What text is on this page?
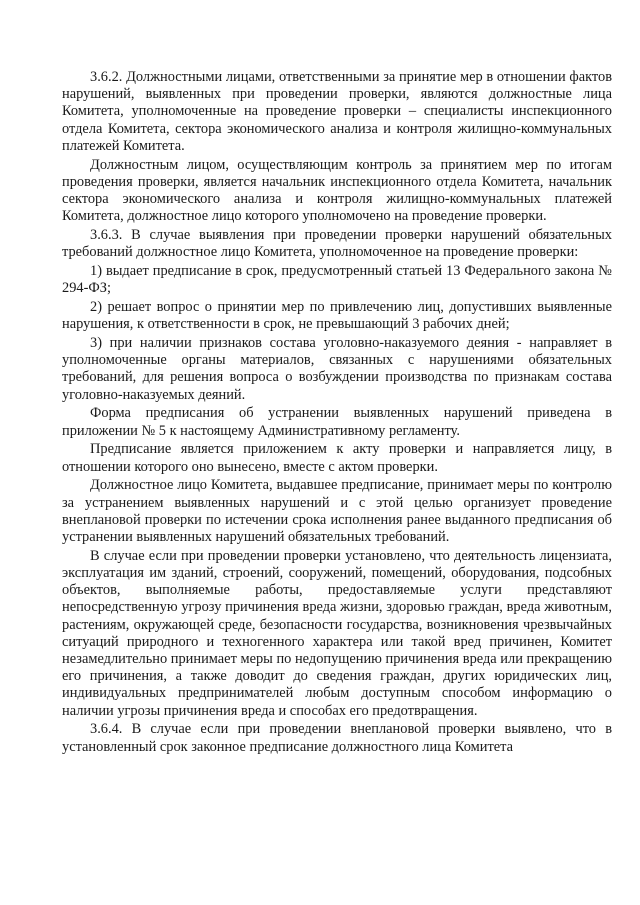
3.6.2. Должностными лицами, ответственными за принятие мер в отношении фактов нарушений, выявленных при проведении проверки, являются должностные лица Комитета, уполномоченные на проведение проверки – специалисты инспекционного отдела Комитета, сектора экономического анализа и контроля жилищно-коммунальных платежей Комитета.

Должностным лицом, осуществляющим контроль за принятием мер по итогам проведения проверки, является начальник инспекционного отдела Комитета, начальник сектора экономического анализа и контроля жилищно-коммунальных платежей Комитета, должностное лицо которого уполномочено на проведение проверки.

3.6.3. В случае выявления при проведении проверки нарушений обязательных требований должностное лицо Комитета, уполномоченное на проведение проверки:

1) выдает предписание в срок, предусмотренный статьей 13 Федерального закона № 294-ФЗ;

2) решает вопрос о принятии мер по привлечению лиц, допустивших выявленные нарушения, к ответственности в срок, не превышающий 3 рабочих дней;

3) при наличии признаков состава уголовно-наказуемого деяния - направляет в уполномоченные органы материалов, связанных с нарушениями обязательных требований, для решения вопроса о возбуждении производства по признакам состава уголовно-наказуемых деяний.

Форма предписания об устранении выявленных нарушений приведена в приложении № 5 к настоящему Административному регламенту.

Предписание является приложением к акту проверки и направляется лицу, в отношении которого оно вынесено, вместе с актом проверки.

Должностное лицо Комитета, выдавшее предписание, принимает меры по контролю за устранением выявленных нарушений и с этой целью организует проведение внеплановой проверки по истечении срока исполнения ранее выданного предписания об устранении выявленных нарушений обязательных требований.

В случае если при проведении проверки установлено, что деятельность лицензиата, эксплуатация им зданий, строений, сооружений, помещений, оборудования, подсобных объектов, выполняемые работы, предоставляемые услуги представляют непосредственную угрозу причинения вреда жизни, здоровью граждан, вреда животным, растениям, окружающей среде, безопасности государства, возникновения чрезвычайных ситуаций природного и техногенного характера или такой вред причинен, Комитет незамедлительно принимает меры по недопущению причинения вреда или прекращению его причинения, а также доводит до сведения граждан, других юридических лиц, индивидуальных предпринимателей любым доступным способом информацию о наличии угрозы причинения вреда и способах его предотвращения.

3.6.4. В случае если при проведении внеплановой проверки выявлено, что в установленный срок законное предписание должностного лица Комитета
